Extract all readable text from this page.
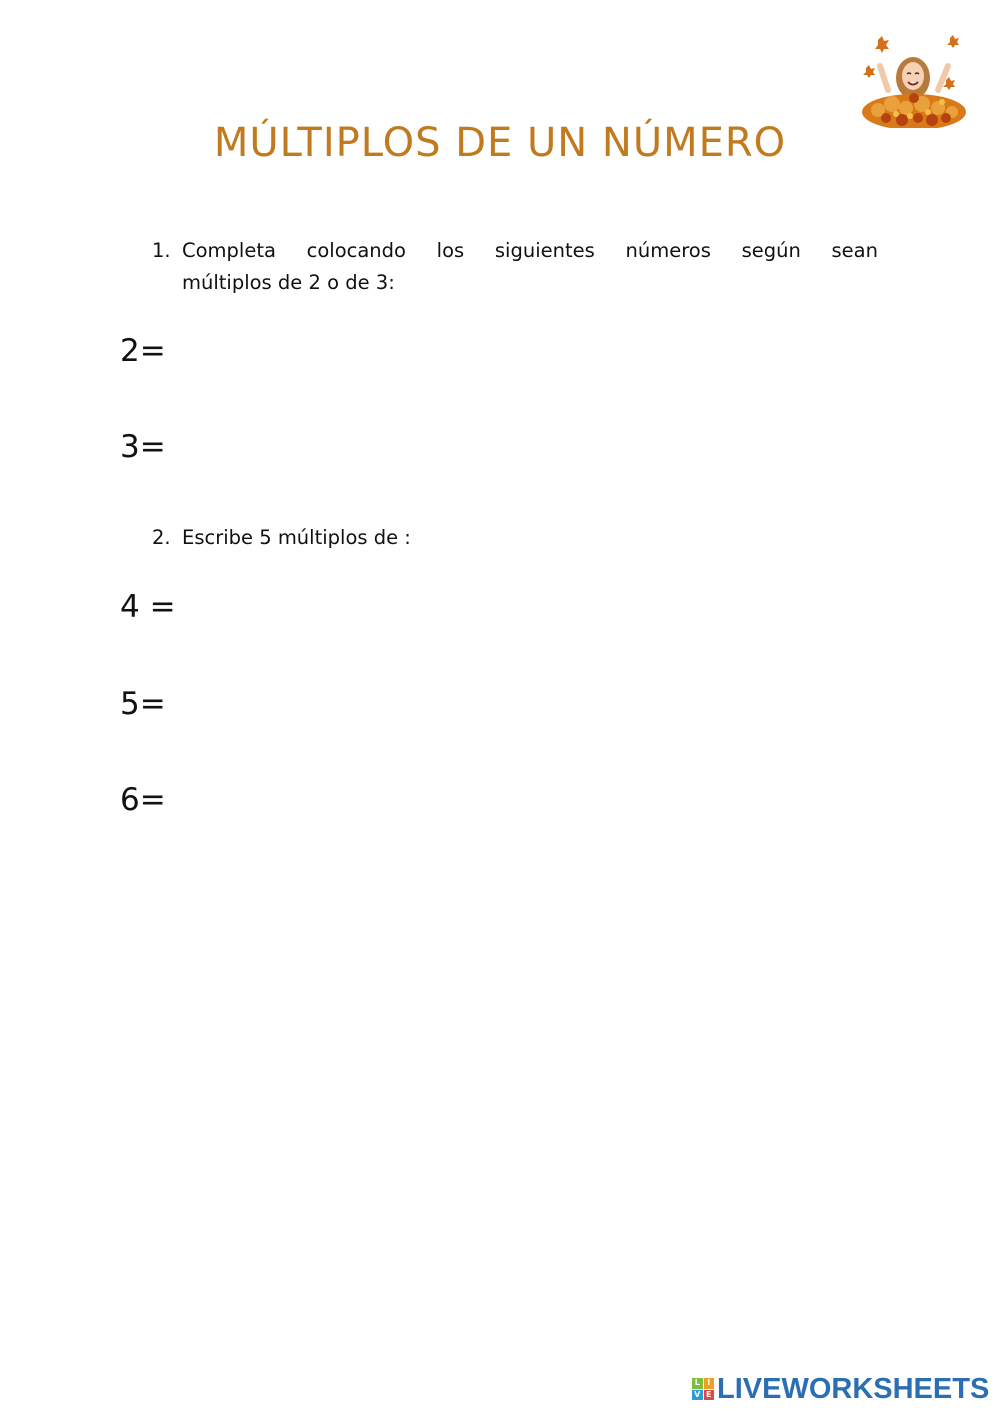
MÚLTIPLOS DE UN NÚMERO
1. Completa colocando los siguientes números según sean
múltiplos de 2 o de 3:
2=
3=
2. Escribe 5 múltiplos de :
4 =
5=
6=
L I
V E LIVEWORKSHEETS
